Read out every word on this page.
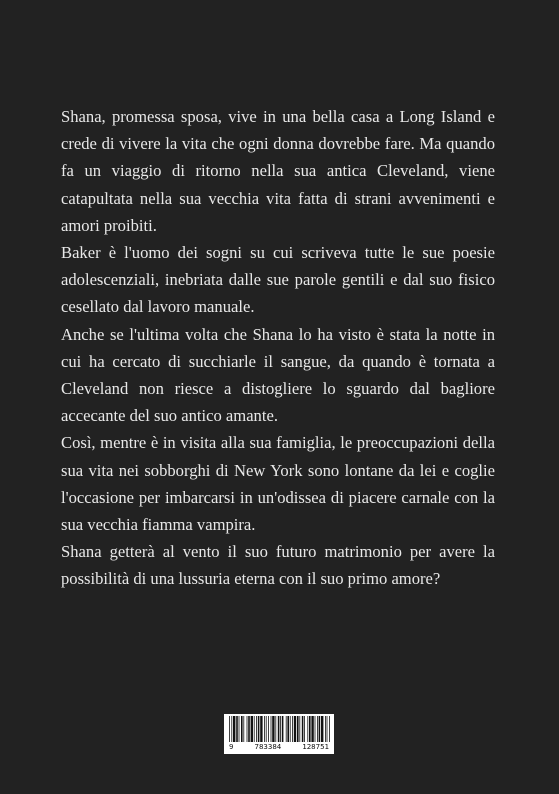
Shana, promessa sposa, vive in una bella casa a Long Island e crede di vivere la vita che ogni donna dovrebbe fare. Ma quando fa un viaggio di ritorno nella sua antica Cleveland, viene catapultata nella sua vecchia vita fatta di strani avvenimenti e amori proibiti.

Baker è l'uomo dei sogni su cui scriveva tutte le sue poesie adolescenziali, inebriata dalle sue parole gentili e dal suo fisico cesellato dal lavoro manuale.

Anche se l'ultima volta che Shana lo ha visto è stata la notte in cui ha cercato di succhiarle il sangue, da quando è tornata a Cleveland non riesce a distogliere lo sguardo dal bagliore accecante del suo antico amante.

Così, mentre è in visita alla sua famiglia, le preoccupazioni della sua vita nei sobborghi di New York sono lontane da lei e coglie l'occasione per imbarcarsi in un'odissea di piacere carnale con la sua vecchia fiamma vampira.

Shana getterà al vento il suo futuro matrimonio per avere la possibilità di una lussuria eterna con il suo primo amore?

9	783384	128751
